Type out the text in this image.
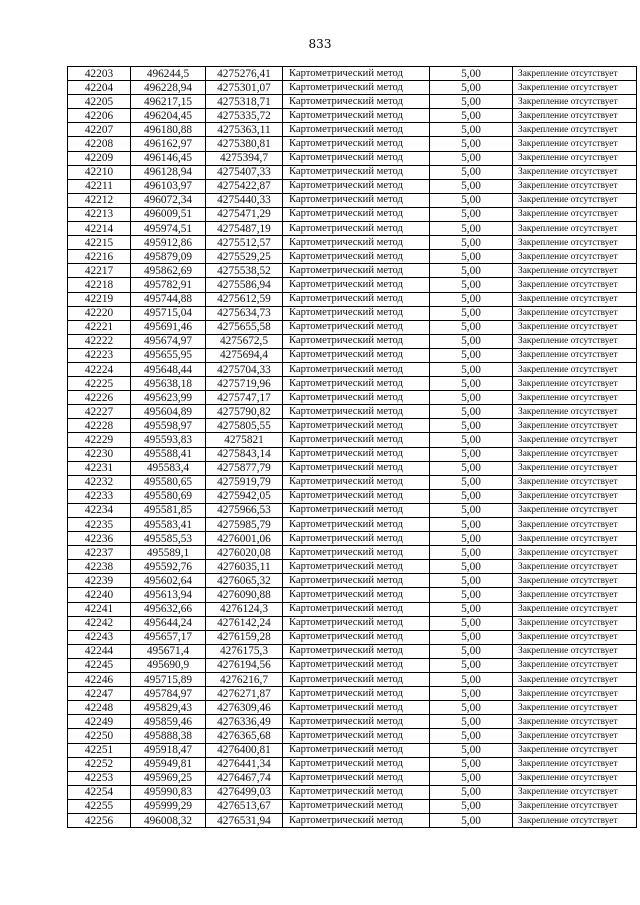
833
42203	496244,5	4275276,41	Картометрический метод	5,00	Закрепление отсутствует
42204	496228,94	4275301,07	Картометрический метод	5,00	Закрепление отсутствует
42205	496217,15	4275318,71	Картометрический метод	5,00	Закрепление отсутствует
42206	496204,45	4275335,72	Картометрический метод	5,00	Закрепление отсутствует
42207	496180,88	4275363,11	Картометрический метод	5,00	Закрепление отсутствует
42208	496162,97	4275380,81	Картометрический метод	5,00	Закрепление отсутствует
42209	496146,45	4275394,7	Картометрический метод	5,00	Закрепление отсутствует
42210	496128,94	4275407,33	Картометрический метод	5,00	Закрепление отсутствует
42211	496103,97	4275422,87	Картометрический метод	5,00	Закрепление отсутствует
42212	496072,34	4275440,33	Картометрический метод	5,00	Закрепление отсутствует
42213	496009,51	4275471,29	Картометрический метод	5,00	Закрепление отсутствует
42214	495974,51	4275487,19	Картометрический метод	5,00	Закрепление отсутствует
42215	495912,86	4275512,57	Картометрический метод	5,00	Закрепление отсутствует
42216	495879,09	4275529,25	Картометрический метод	5,00	Закрепление отсутствует
42217	495862,69	4275538,52	Картометрический метод	5,00	Закрепление отсутствует
42218	495782,91	4275586,94	Картометрический метод	5,00	Закрепление отсутствует
42219	495744,88	4275612,59	Картометрический метод	5,00	Закрепление отсутствует
42220	495715,04	4275634,73	Картометрический метод	5,00	Закрепление отсутствует
42221	495691,46	4275655,58	Картометрический метод	5,00	Закрепление отсутствует
42222	495674,97	4275672,5	Картометрический метод	5,00	Закрепление отсутствует
42223	495655,95	4275694,4	Картометрический метод	5,00	Закрепление отсутствует
42224	495648,44	4275704,33	Картометрический метод	5,00	Закрепление отсутствует
42225	495638,18	4275719,96	Картометрический метод	5,00	Закрепление отсутствует
42226	495623,99	4275747,17	Картометрический метод	5,00	Закрепление отсутствует
42227	495604,89	4275790,82	Картометрический метод	5,00	Закрепление отсутствует
42228	495598,97	4275805,55	Картометрический метод	5,00	Закрепление отсутствует
42229	495593,83	4275821	Картометрический метод	5,00	Закрепление отсутствует
42230	495588,41	4275843,14	Картометрический метод	5,00	Закрепление отсутствует
42231	495583,4	4275877,79	Картометрический метод	5,00	Закрепление отсутствует
42232	495580,65	4275919,79	Картометрический метод	5,00	Закрепление отсутствует
42233	495580,69	4275942,05	Картометрический метод	5,00	Закрепление отсутствует
42234	495581,85	4275966,53	Картометрический метод	5,00	Закрепление отсутствует
42235	495583,41	4275985,79	Картометрический метод	5,00	Закрепление отсутствует
42236	495585,53	4276001,06	Картометрический метод	5,00	Закрепление отсутствует
42237	495589,1	4276020,08	Картометрический метод	5,00	Закрепление отсутствует
42238	495592,76	4276035,11	Картометрический метод	5,00	Закрепление отсутствует
42239	495602,64	4276065,32	Картометрический метод	5,00	Закрепление отсутствует
42240	495613,94	4276090,88	Картометрический метод	5,00	Закрепление отсутствует
42241	495632,66	4276124,3	Картометрический метод	5,00	Закрепление отсутствует
42242	495644,24	4276142,24	Картометрический метод	5,00	Закрепление отсутствует
42243	495657,17	4276159,28	Картометрический метод	5,00	Закрепление отсутствует
42244	495671,4	4276175,3	Картометрический метод	5,00	Закрепление отсутствует
42245	495690,9	4276194,56	Картометрический метод	5,00	Закрепление отсутствует
42246	495715,89	4276216,7	Картометрический метод	5,00	Закрепление отсутствует
42247	495784,97	4276271,87	Картометрический метод	5,00	Закрепление отсутствует
42248	495829,43	4276309,46	Картометрический метод	5,00	Закрепление отсутствует
42249	495859,46	4276336,49	Картометрический метод	5,00	Закрепление отсутствует
42250	495888,38	4276365,68	Картометрический метод	5,00	Закрепление отсутствует
42251	495918,47	4276400,81	Картометрический метод	5,00	Закрепление отсутствует
42252	495949,81	4276441,34	Картометрический метод	5,00	Закрепление отсутствует
42253	495969,25	4276467,74	Картометрический метод	5,00	Закрепление отсутствует
42254	495990,83	4276499,03	Картометрический метод	5,00	Закрепление отсутствует
42255	495999,29	4276513,67	Картометрический метод	5,00	Закрепление отсутствует
42256	496008,32	4276531,94	Картометрический метод	5,00	Закрепление отсутствует
